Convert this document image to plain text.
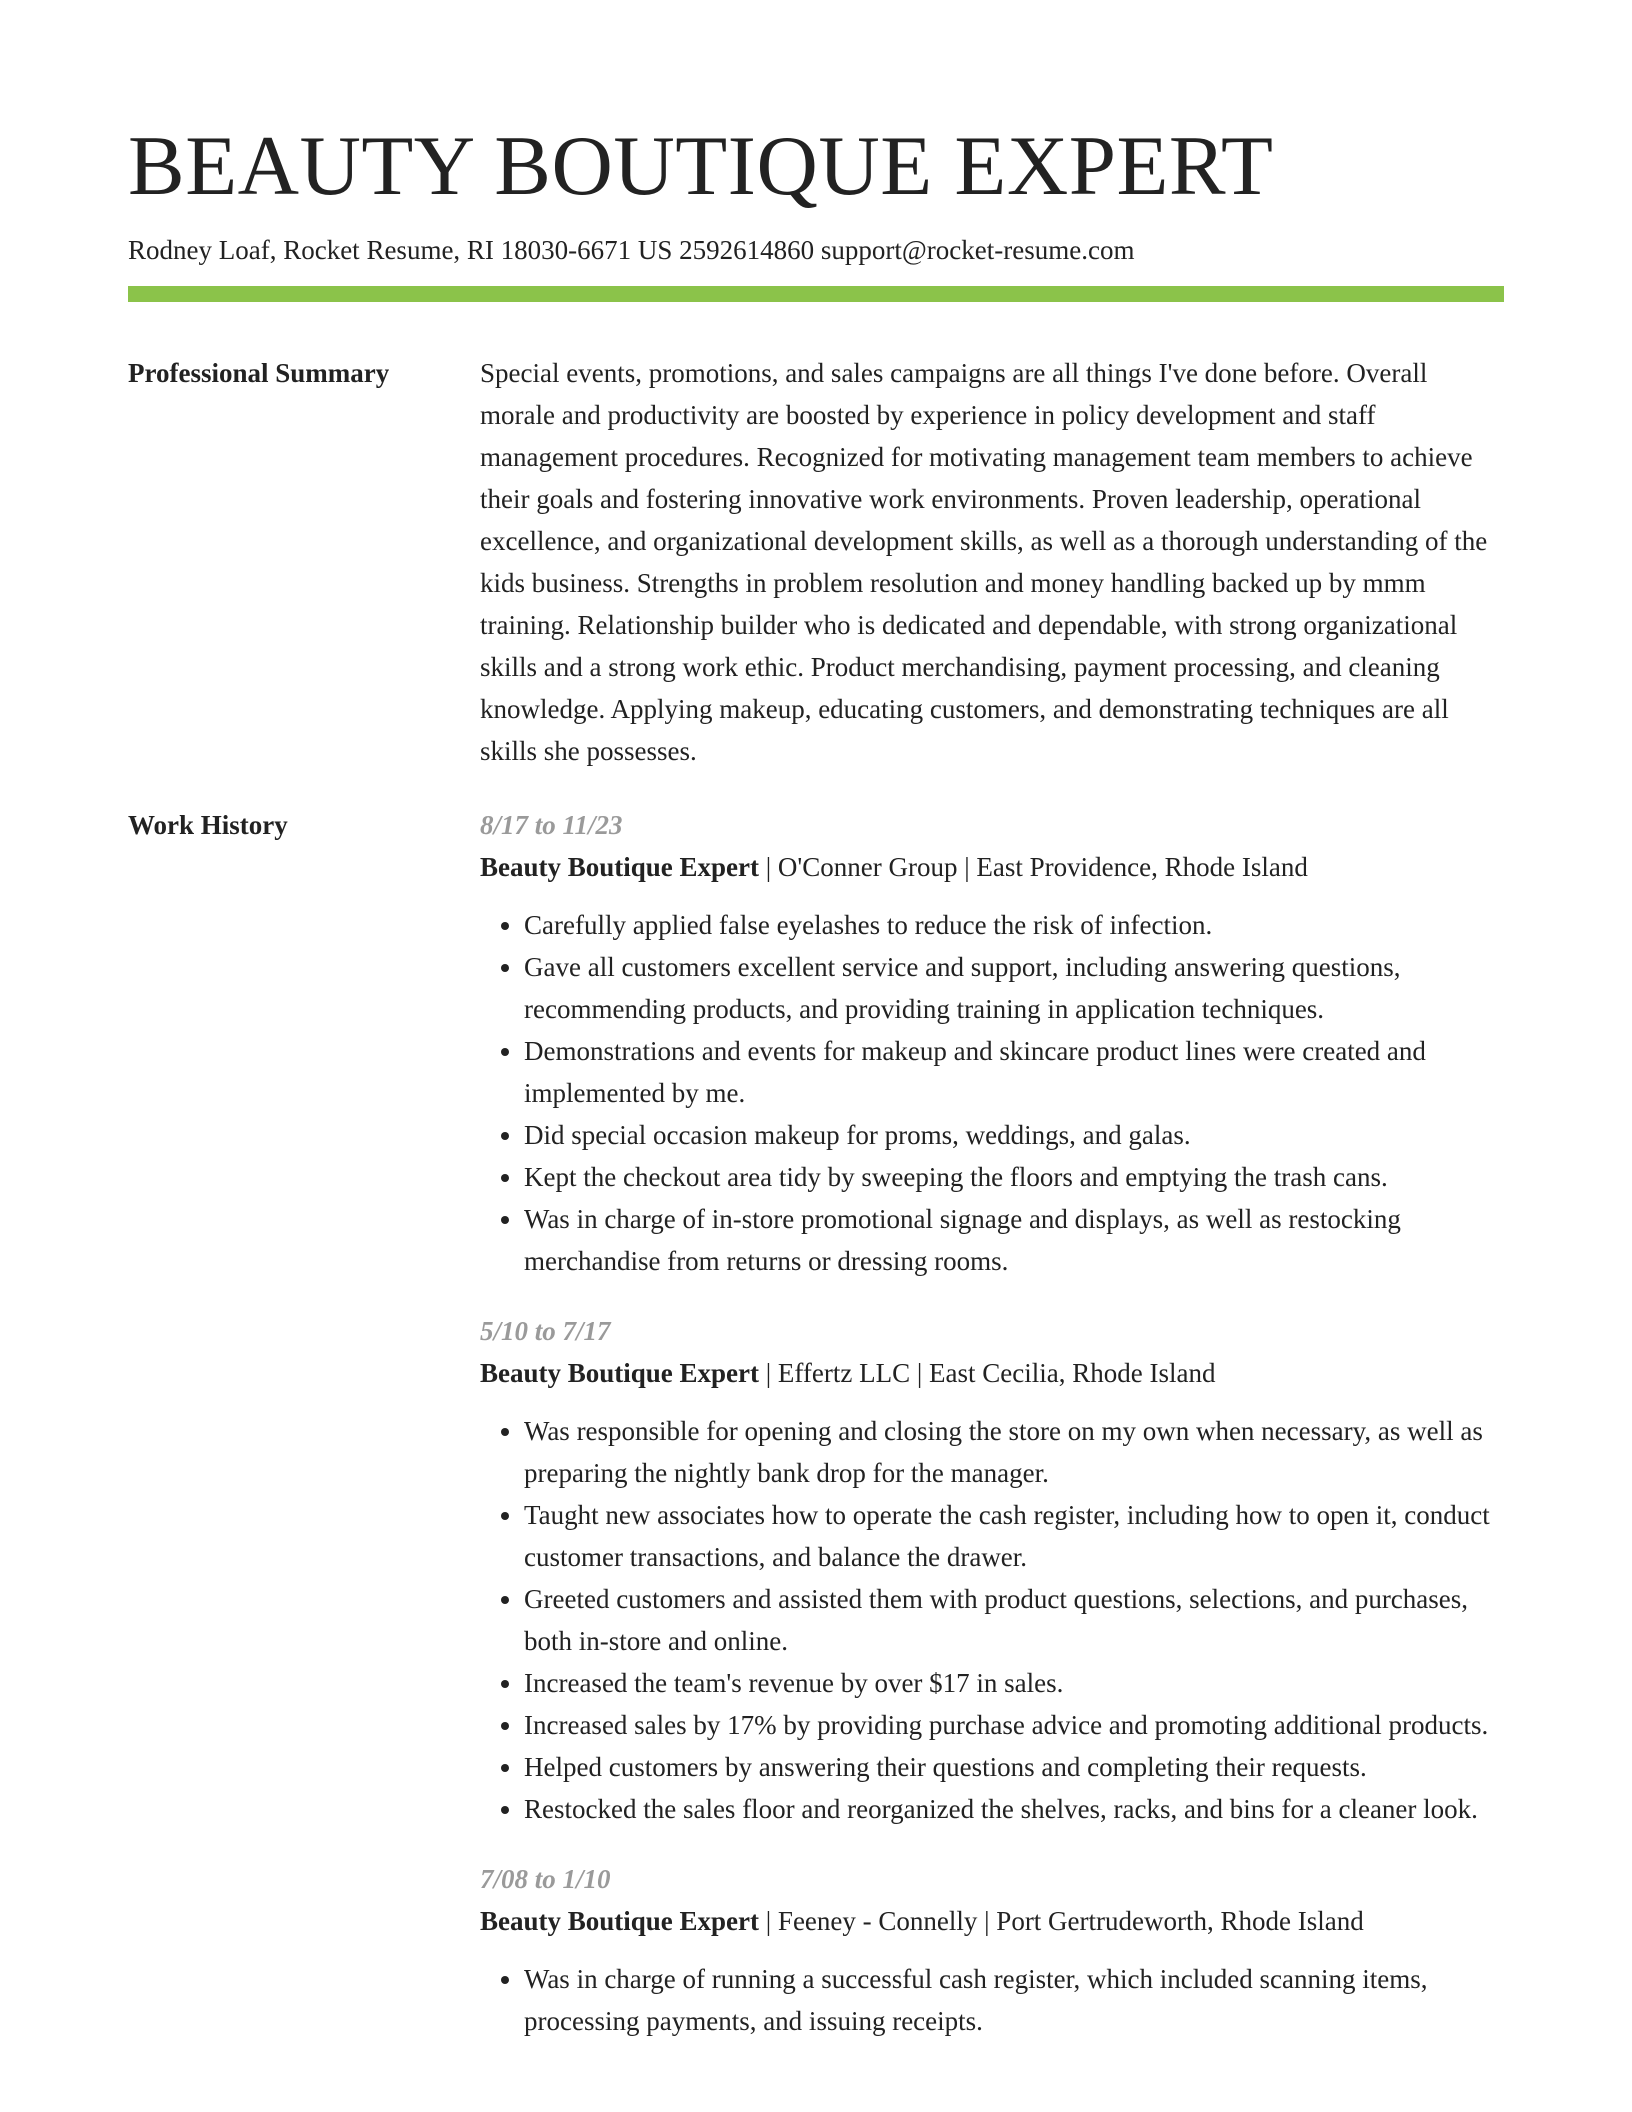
BEAUTY BOUTIQUE EXPERT
Rodney Loaf, Rocket Resume, RI 18030-6671 US 2592614860 support@rocket-resume.com
Professional Summary	Special events, promotions, and sales campaigns are all things I've done before. Overall morale and productivity are boosted by experience in policy development and staff management procedures. Recognized for motivating management team members to achieve their goals and fostering innovative work environments. Proven leadership, operational excellence, and organizational development skills, as well as a thorough understanding of the kids business. Strengths in problem resolution and money handling backed up by mmm training. Relationship builder who is dedicated and dependable, with strong organizational skills and a strong work ethic. Product merchandising, payment processing, and cleaning knowledge. Applying makeup, educating customers, and demonstrating techniques are all skills she possesses.

Work History	8/17 to 11/23
Beauty Boutique Expert | O'Conner Group | East Providence, Rhode Island
• Carefully applied false eyelashes to reduce the risk of infection.
• Gave all customers excellent service and support, including answering questions, recommending products, and providing training in application techniques.
• Demonstrations and events for makeup and skincare product lines were created and implemented by me.
• Did special occasion makeup for proms, weddings, and galas.
• Kept the checkout area tidy by sweeping the floors and emptying the trash cans.
• Was in charge of in-store promotional signage and displays, as well as restocking merchandise from returns or dressing rooms.
5/10 to 7/17
Beauty Boutique Expert | Effertz LLC | East Cecilia, Rhode Island
• Was responsible for opening and closing the store on my own when necessary, as well as preparing the nightly bank drop for the manager.
• Taught new associates how to operate the cash register, including how to open it, conduct customer transactions, and balance the drawer.
• Greeted customers and assisted them with product questions, selections, and purchases, both in-store and online.
• Increased the team's revenue by over $17 in sales.
• Increased sales by 17% by providing purchase advice and promoting additional products.
• Helped customers by answering their questions and completing their requests.
• Restocked the sales floor and reorganized the shelves, racks, and bins for a cleaner look.
7/08 to 1/10
Beauty Boutique Expert | Feeney - Connelly | Port Gertrudeworth, Rhode Island
• Was in charge of running a successful cash register, which included scanning items, processing payments, and issuing receipts.
